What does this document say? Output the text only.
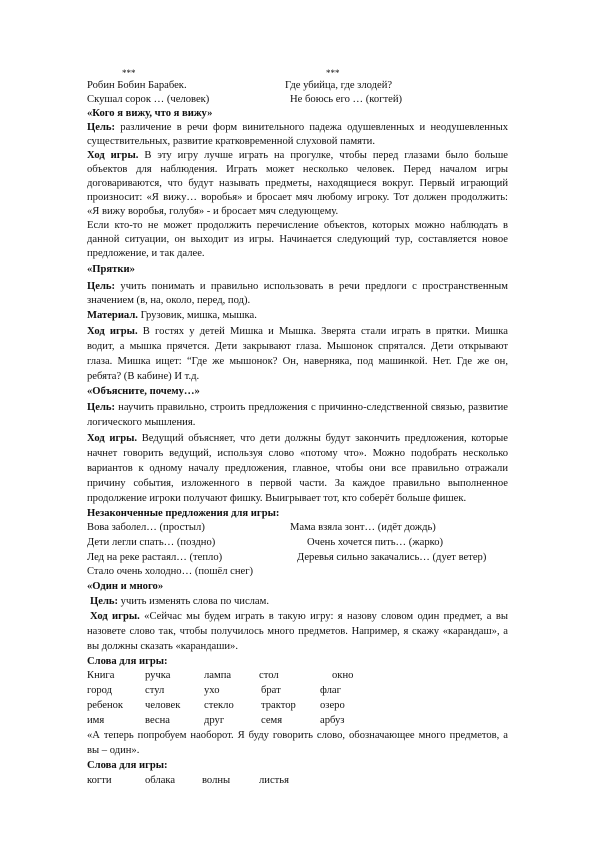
***	***
Робин Бобин Барабек.	Где убийца, где злодей?
Скушал сорок … (человек)	Не боюсь его … (когтей)
«Кого я вижу, что я вижу»
Цель: различение в речи форм винительного падежа одушевленных и неодушевленных
существительных, развитие кратковременной слуховой памяти.
Ход игры. В эту игру лучше играть на прогулке, чтобы перед глазами было больше
объектов для наблюдения. Играть может несколько человек. Перед началом игры
договариваются, что будут называть предметы, находящиеся вокруг. Первый играющий
произносит: «Я вижу… воробья» и бросает мяч любому игроку. Тот должен продолжить:
«Я вижу воробья, голубя» - и бросает мяч следующему.
Если кто-то не может продолжить перечисление объектов, которых можно наблюдать в
данной ситуации, он выходит из игры. Начинается следующий тур, составляется новое
предложение, и так далее.
«Прятки»
Цель: учить понимать и правильно использовать в речи предлоги с пространственным
значением (в, на, около, перед, под).
Материал. Грузовик, мишка, мышка.
Ход игры. В гостях у детей Мишка и Мышка. Зверята стали играть в прятки. Мишка
водит, а мышка прячется. Дети закрывают глаза. Мышонок спрятался. Дети открывают
глаза. Мишка ищет: “Где же мышонок? Он, наверняка, под машинкой. Нет. Где же он,
ребята? (В кабине) И т.д.
«Объясните, почему…»
Цель: научить правильно, строить предложения с причинно-следственной связью, развитие
логического мышления.
Ход игры. Ведущий объясняет, что дети должны будут закончить предложения, которые
начнет говорить ведущий, используя слово «потому что». Можно подобрать несколько
вариантов к одному началу предложения, главное, чтобы они все правильно отражали
причину события, изложенного в первой части. За каждое правильно выполненное
продолжение игроки получают фишку. Выигрывает тот, кто соберёт больше фишек.
Незаконченные предложения для игры:
Вова заболел… (простыл)	Мама взяла зонт… (идёт дождь)
Дети легли спать… (поздно)	Очень хочется пить… (жарко)
Лед на реке растаял… (тепло)	Деревья сильно закачались… (дует ветер)
Стало очень холодно… (пошёл снег)
«Один и много»
Цель: учить изменять слова по числам.
Ход игры. «Сейчас мы будем играть в такую игру: я назову словом один предмет, а вы
назовете слово так, чтобы получилось много предметов. Например, я скажу «карандаш», а
вы должны сказать «карандаши».
Слова для игры:
Книга	ручка	лампа	стол	окно
город	стул	ухо	брат	флаг
ребенок человек стекло	трактор озеро
имя	весна	друг	семя	арбуз
«А теперь попробуем наоборот. Я буду говорить слово, обозначающее много предметов, а
вы – один».
Слова для игры:
когти	облака	волны	листья
